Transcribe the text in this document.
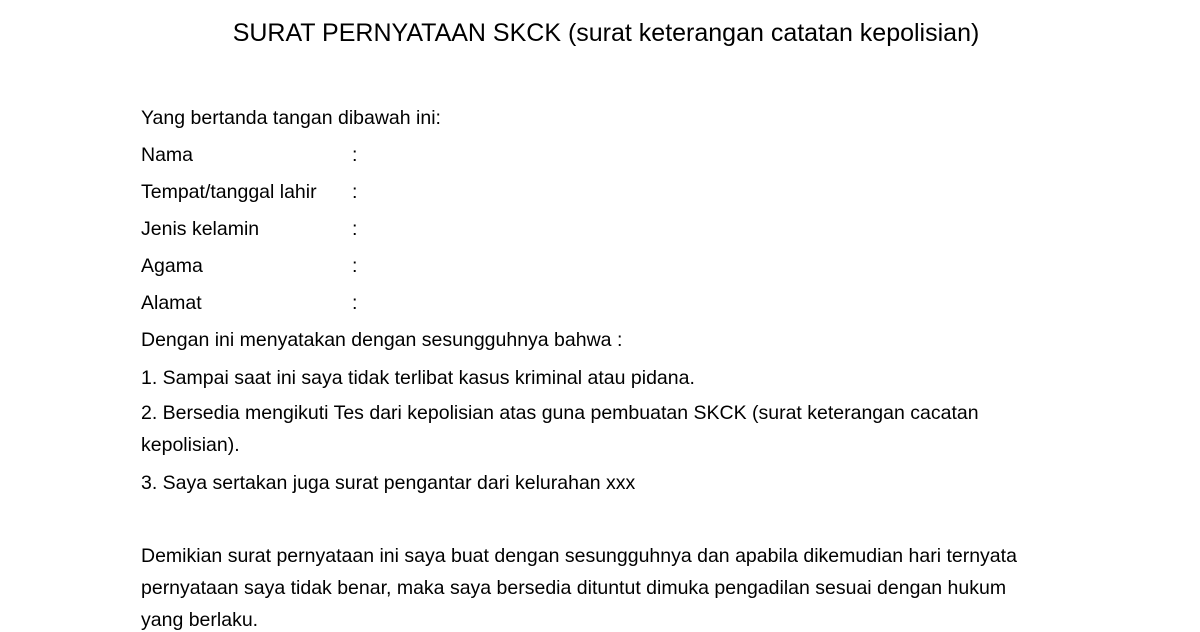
SURAT PERNYATAAN SKCK (surat keterangan catatan kepolisian)
Yang bertanda tangan dibawah ini:
Nama	:
Tempat/tanggal lahir :
Jenis kelamin	:
Agama	:
Alamat	:
Dengan ini menyatakan dengan sesungguhnya bahwa :
1. Sampai saat ini saya tidak terlibat kasus kriminal atau pidana.
2. Bersedia mengikuti Tes dari kepolisian atas guna pembuatan SKCK (surat keterangan cacatan
kepolisian).
3. Saya sertakan juga surat pengantar dari kelurahan xxx
Demikian surat pernyataan ini saya buat dengan sesungguhnya dan apabila dikemudian hari ternyata
pernyataan saya tidak benar, maka saya bersedia dituntut dimuka pengadilan sesuai dengan hukum
yang berlaku.
